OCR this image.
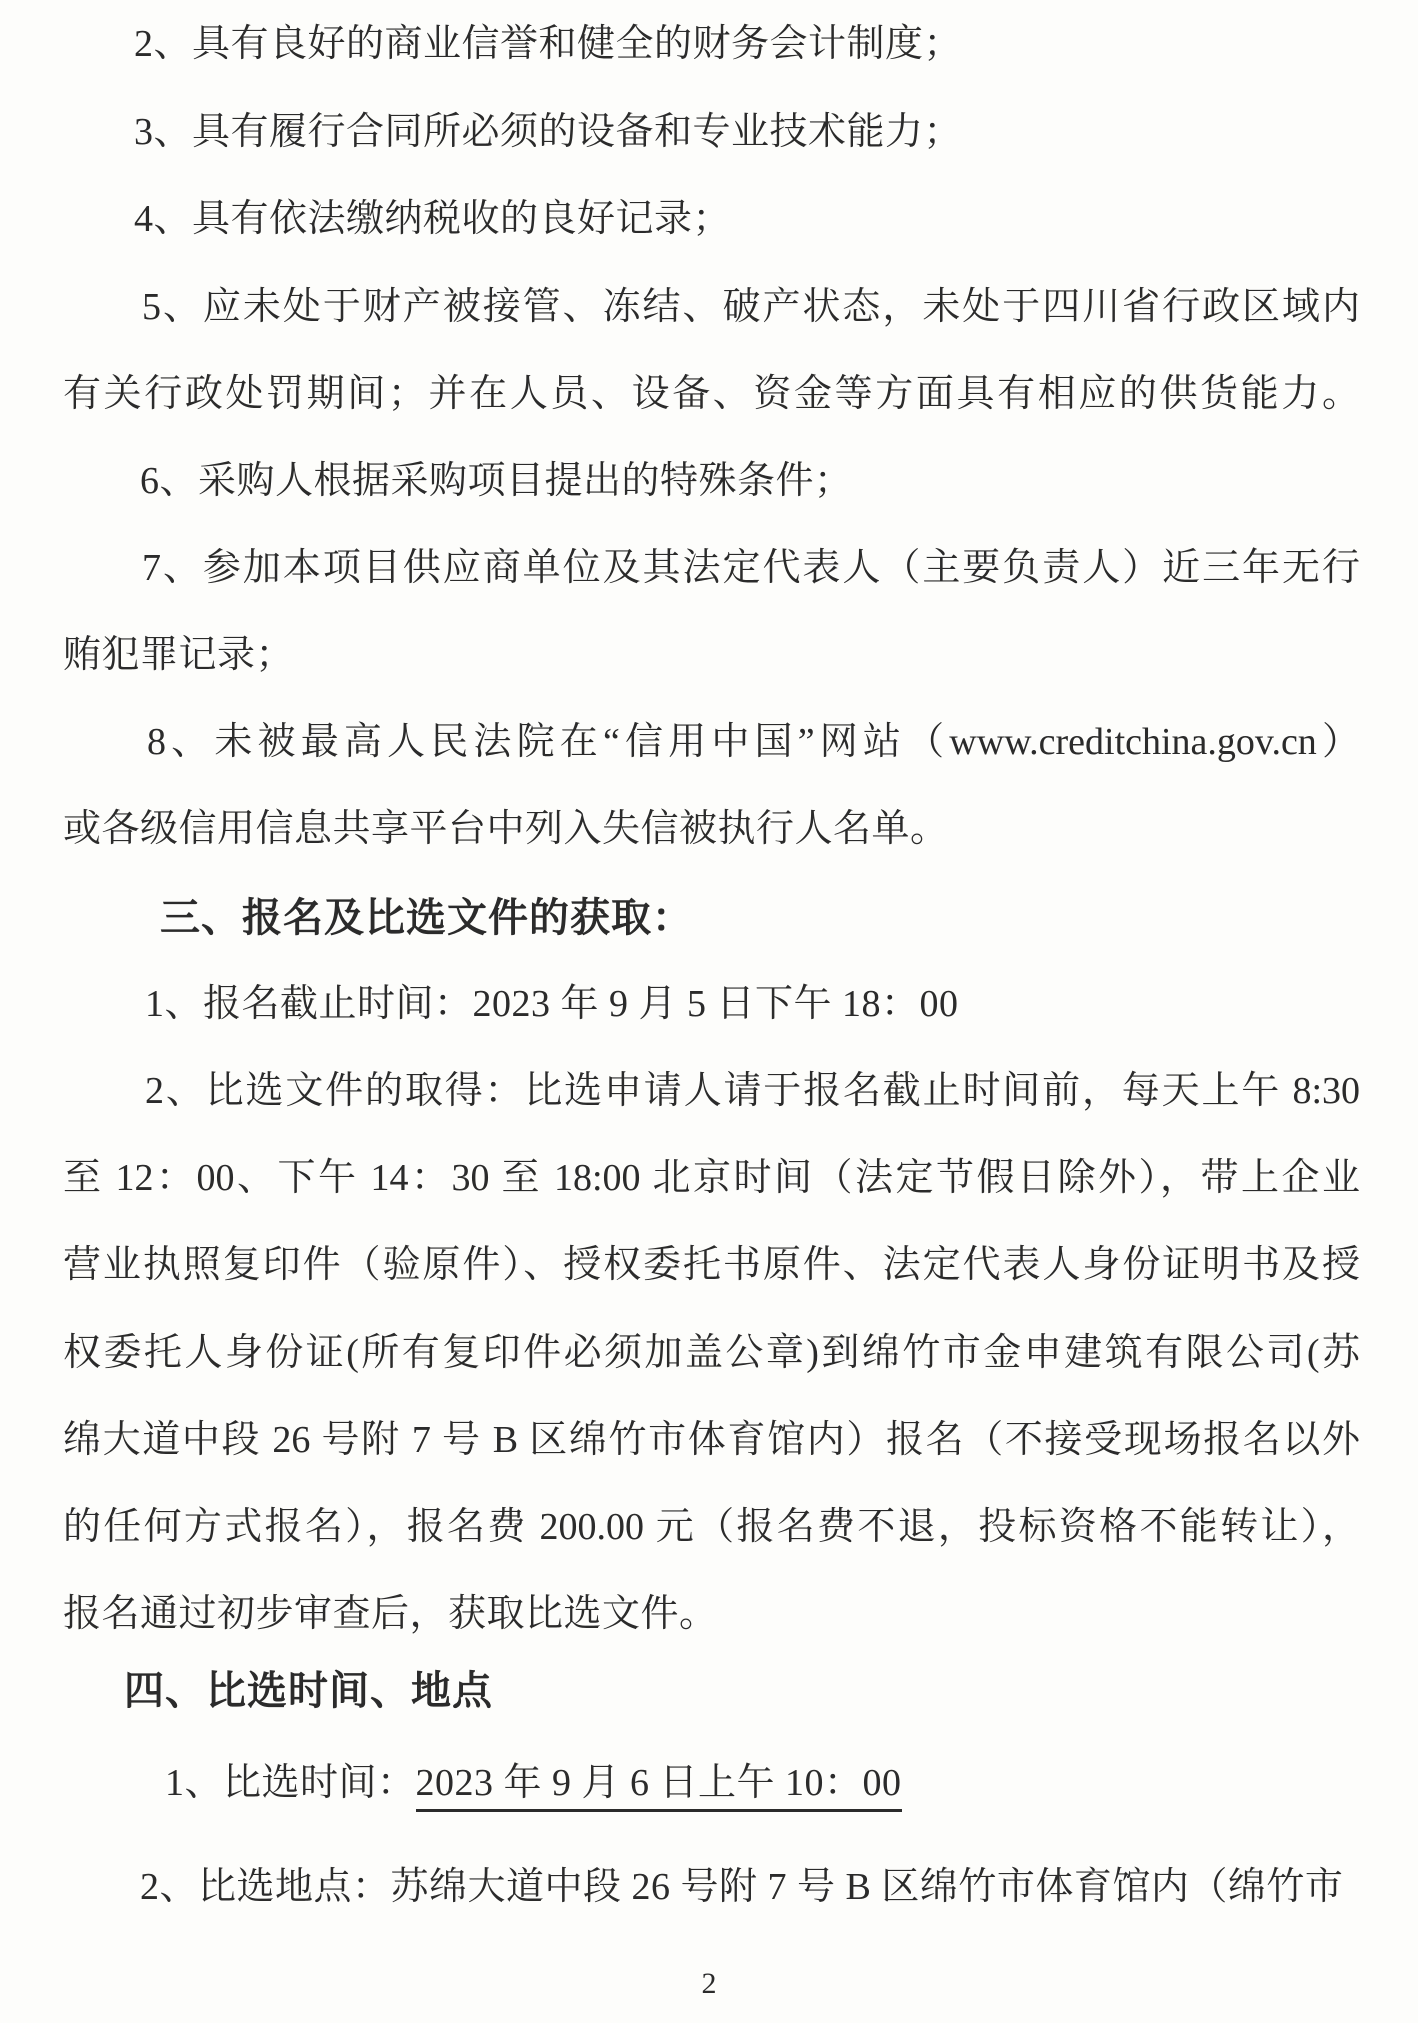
2、具有良好的商业信誉和健全的财务会计制度；
3、具有履行合同所必须的设备和专业技术能力；
4、具有依法缴纳税收的良好记录；
5、应未处于财产被接管、冻结、破产状态，未处于四川省行政区域内
有关行政处罚期间；并在人员、设备、资金等方面具有相应的供货能力。
6、采购人根据采购项目提出的特殊条件；
7、参加本项目供应商单位及其法定代表人（主要负责人）近三年无行
贿犯罪记录；
8、未被最高人民法院在“信用中国”网站（www.creditchina.gov.cn）
或各级信用信息共享平台中列入失信被执行人名单。
三、报名及比选文件的获取：
1、报名截止时间：2023 年 9 月 5 日下午 18：00
2、比选文件的取得：比选申请人请于报名截止时间前，每天上午 8:30
至 12：00、下午 14：30 至 18:00 北京时间（法定节假日除外），带上企业
营业执照复印件（验原件）、授权委托书原件、法定代表人身份证明书及授
权委托人身份证(所有复印件必须加盖公章)到绵竹市金申建筑有限公司(苏
绵大道中段 26 号附 7 号 B 区绵竹市体育馆内）报名（不接受现场报名以外
的任何方式报名），报名费 200.00 元（报名费不退，投标资格不能转让），
报名通过初步审查后，获取比选文件。
四、比选时间、地点
1、比选时间：2023 年 9 月 6 日上午 10：00
2、比选地点：苏绵大道中段 26 号附 7 号 B 区绵竹市体育馆内（绵竹市
2
